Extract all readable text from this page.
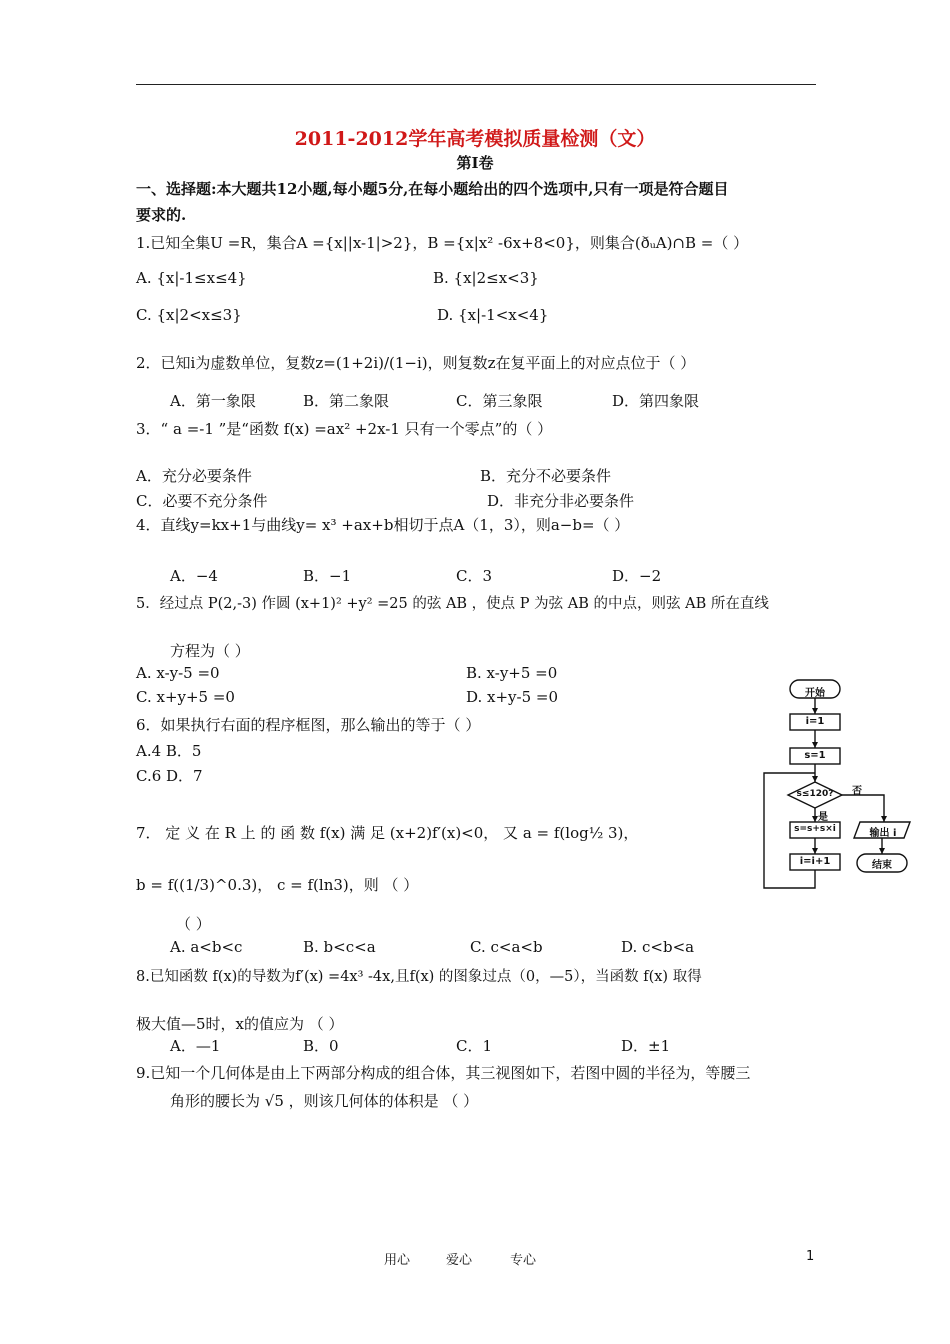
2011-2012学年高考模拟质量检测（文）
第Ⅰ卷
一、选择题:本大题共12小题,每小题5分,在每小题给出的四个选项中,只有一项是符合题目
要求的.
1.已知全集U =R，集合A ={x||x-1|>2}，B ={x|x² -6x+8<0}，则集合(ðᵤA)∩B =（ ）
A. {x|-1≤x≤4}	B. {x|2≤x<3}
C. {x|2<x≤3}	D. {x|-1<x<4}
2．已知i为虚数单位，复数z=(1+2i)/(1−i)，则复数z在复平面上的对应点位于（ ）
A．第一象限	B．第二象限	C．第三象限	D．第四象限
3．“ a =-1 ”是“函数 f(x) =ax² +2x-1 只有一个零点”的（ ）
A．充分必要条件	B．充分不必要条件
C．必要不充分条件	D．非充分非必要条件
4．直线y=kx+1与曲线y= x³ +ax+b相切于点A（1，3），则a−b=（ ）
A．−4	B．−1	C．3	D．−2
5．经过点 P(2,-3) 作圆 (x+1)² +y² =25 的弦 AB ，使点 P 为弦 AB 的中点，则弦 AB 所在直线
方程为（ ）
A. x-y-5 =0	B. x-y+5 =0
C. x+y+5 =0	D. x+y-5 =0
6．如果执行右面的程序框图，那么输出的等于（ ）
A.4 B．5
C.6 D．7
7． 定 义 在 R 上 的 函 数 f(x) 满 足 (x+2)f′(x)<0， 又 a = f(log½ 3)，
b = f((1/3)^0.3)， c = f(ln3)，则 （ ）
（ ）
A. a<b<c	B. b<c<a	C. c<a<b	D. c<b<a
8.已知函数 f(x)的导数为f′(x) =4x³ -4x,且f(x) 的图象过点（0，—5），当函数 f(x) 取得
极大值—5时，x的值应为 （ ）
A．—1	B．0	C．1	D．±1
9.已知一个几何体是由上下两部分构成的组合体，其三视图如下，若图中圆的半径为，等腰三
角形的腰长为 √5 ，则该几何体的体积是 （ ）
开始
i=1
s=1
s≤120?
是
否
s=s+s×i
i=i+1
输出 i
结束
用心	爱心	专心	1
